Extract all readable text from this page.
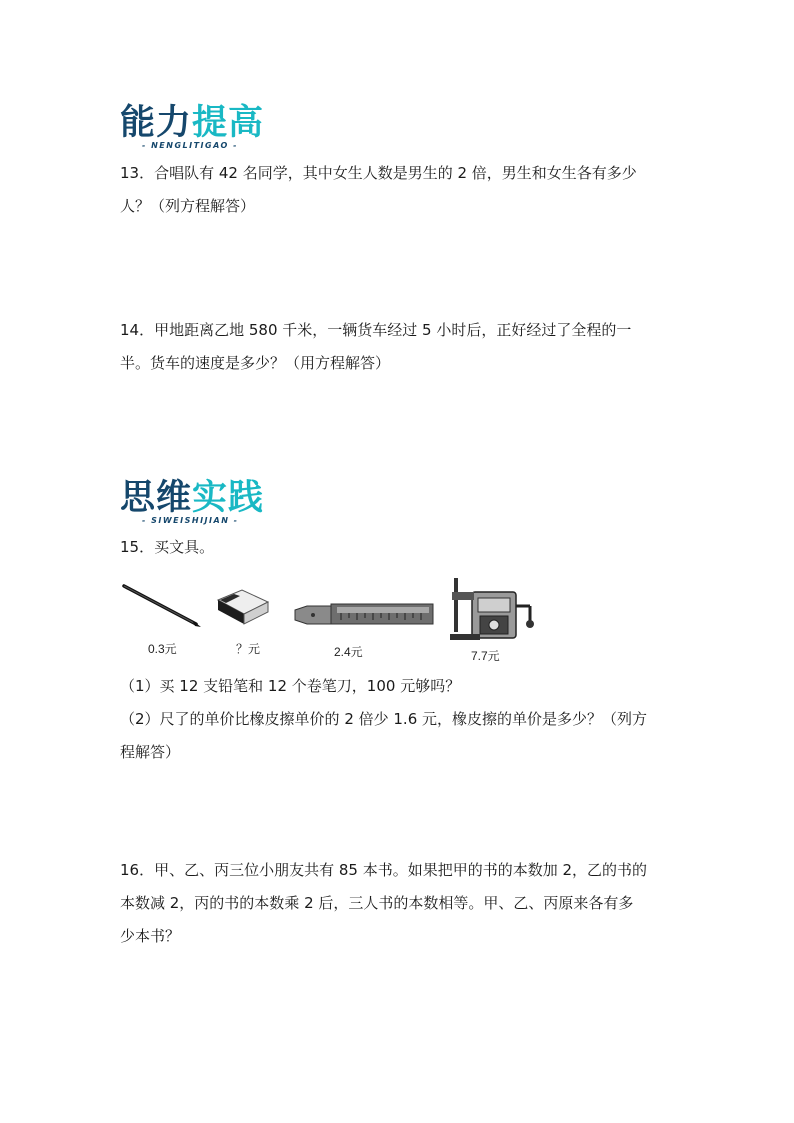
能力提高
- NENGLITIGAO -

13．合唱队有 42 名同学，其中女生人数是男生的 2 倍，男生和女生各有多少

人？（列方程解答）

14．甲地距离乙地 580 千米，一辆货车经过 5 小时后，正好经过了全程的一

半。货车的速度是多少？（用方程解答）

思维实践
- SIWEISHIJIAN -

15．买文具。

0.3元	？元	2.4元	7.7元

（1）买 12 支铅笔和 12 个卷笔刀，100 元够吗？

（2）尺了的单价比橡皮擦单价的 2 倍少 1.6 元，橡皮擦的单价是多少？（列方

程解答）

16．甲、乙、丙三位小朋友共有 85 本书。如果把甲的书的本数加 2，乙的书的

本数减 2，丙的书的本数乘 2 后，三人书的本数相等。甲、乙、丙原来各有多

少本书？
